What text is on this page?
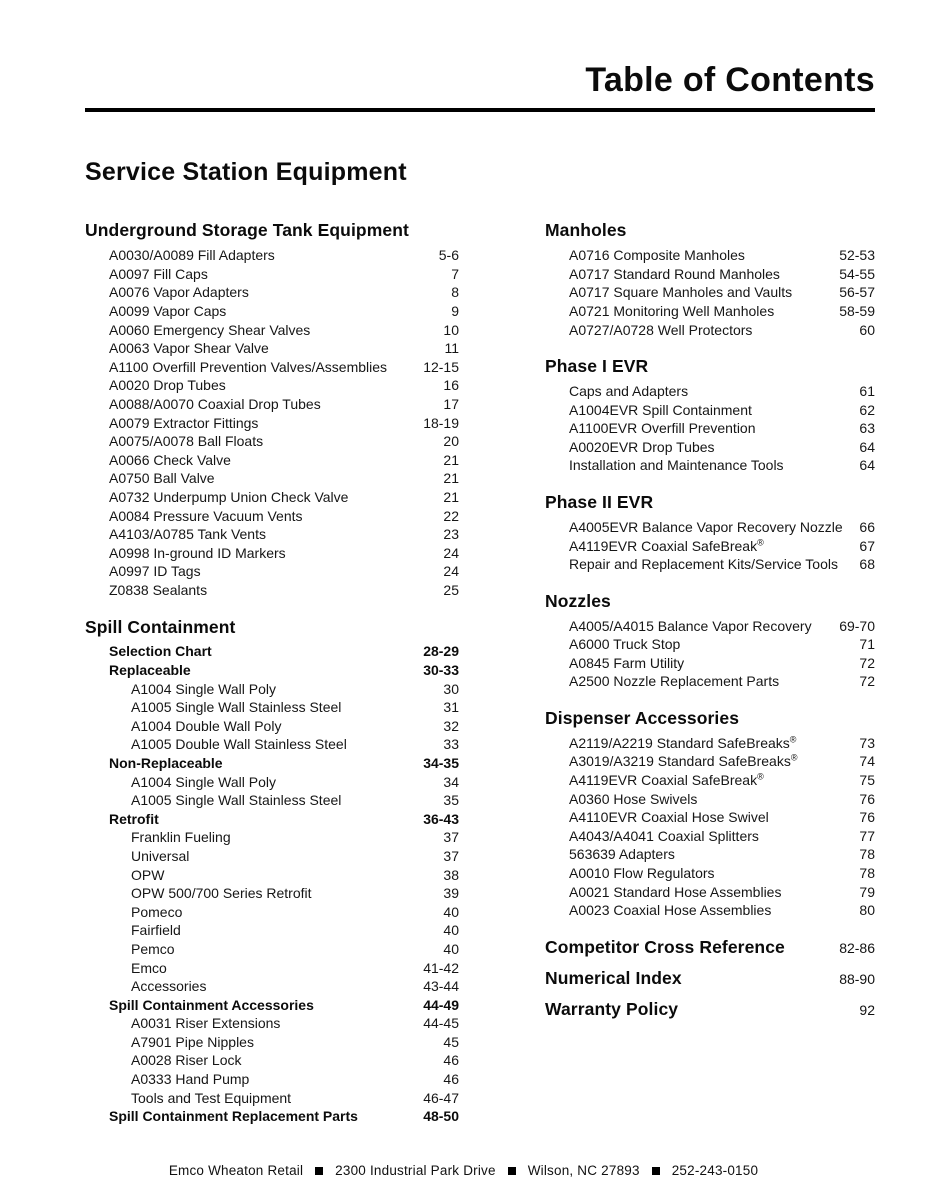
Table of Contents
Service Station Equipment
Underground Storage Tank Equipment
A0030/A0089 Fill Adapters	5-6
A0097 Fill Caps	7
A0076 Vapor Adapters	8
A0099 Vapor Caps	9
A0060 Emergency Shear Valves	10
A0063 Vapor Shear Valve	11
A1100 Overfill Prevention Valves/Assemblies	12-15
A0020 Drop Tubes	16
A0088/A0070 Coaxial Drop Tubes	17
A0079 Extractor Fittings	18-19
A0075/A0078 Ball Floats	20
A0066 Check Valve	21
A0750 Ball Valve	21
A0732 Underpump Union Check Valve	21
A0084 Pressure Vacuum Vents	22
A4103/A0785 Tank Vents	23
A0998 In-ground ID Markers	24
A0997 ID Tags	24
Z0838 Sealants	25
Spill Containment
Selection Chart	28-29
Replaceable	30-33
A1004 Single Wall Poly	30
A1005 Single Wall Stainless Steel	31
A1004 Double Wall Poly	32
A1005 Double Wall Stainless Steel	33
Non-Replaceable	34-35
A1004 Single Wall Poly	34
A1005 Single Wall Stainless Steel	35
Retrofit	36-43
Franklin Fueling	37
Universal	37
OPW	38
OPW 500/700 Series Retrofit	39
Pomeco	40
Fairfield	40
Pemco	40
Emco	41-42
Accessories	43-44
Spill Containment Accessories	44-49
A0031 Riser Extensions	44-45
A7901 Pipe Nipples	45
A0028 Riser Lock	46
A0333 Hand Pump	46
Tools and Test Equipment	46-47
Spill Containment Replacement Parts	48-50
Manholes
A0716 Composite Manholes	52-53
A0717 Standard Round Manholes	54-55
A0717 Square Manholes and Vaults	56-57
A0721 Monitoring Well Manholes	58-59
A0727/A0728 Well Protectors	60
Phase I EVR
Caps and Adapters	61
A1004EVR Spill Containment	62
A1100EVR Overfill Prevention	63
A0020EVR Drop Tubes	64
Installation and Maintenance Tools	64
Phase II EVR
A4005EVR Balance Vapor Recovery Nozzle	66
A4119EVR Coaxial SafeBreak®	67
Repair and Replacement Kits/Service Tools	68
Nozzles
A4005/A4015 Balance Vapor Recovery	69-70
A6000 Truck Stop	71
A0845 Farm Utility	72
A2500 Nozzle Replacement Parts	72
Dispenser Accessories
A2119/A2219 Standard SafeBreaks®	73
A3019/A3219 Standard SafeBreaks®	74
A4119EVR Coaxial SafeBreak®	75
A0360 Hose Swivels	76
A4110EVR Coaxial Hose Swivel	76
A4043/A4041 Coaxial Splitters	77
563639 Adapters	78
A0010 Flow Regulators	78
A0021 Standard Hose Assemblies	79
A0023 Coaxial Hose Assemblies	80
Competitor Cross Reference	82-86
Numerical Index	88-90
Warranty Policy	92
Emco Wheaton Retail 2300 Industrial Park Drive Wilson, NC 27893 252-243-0150
